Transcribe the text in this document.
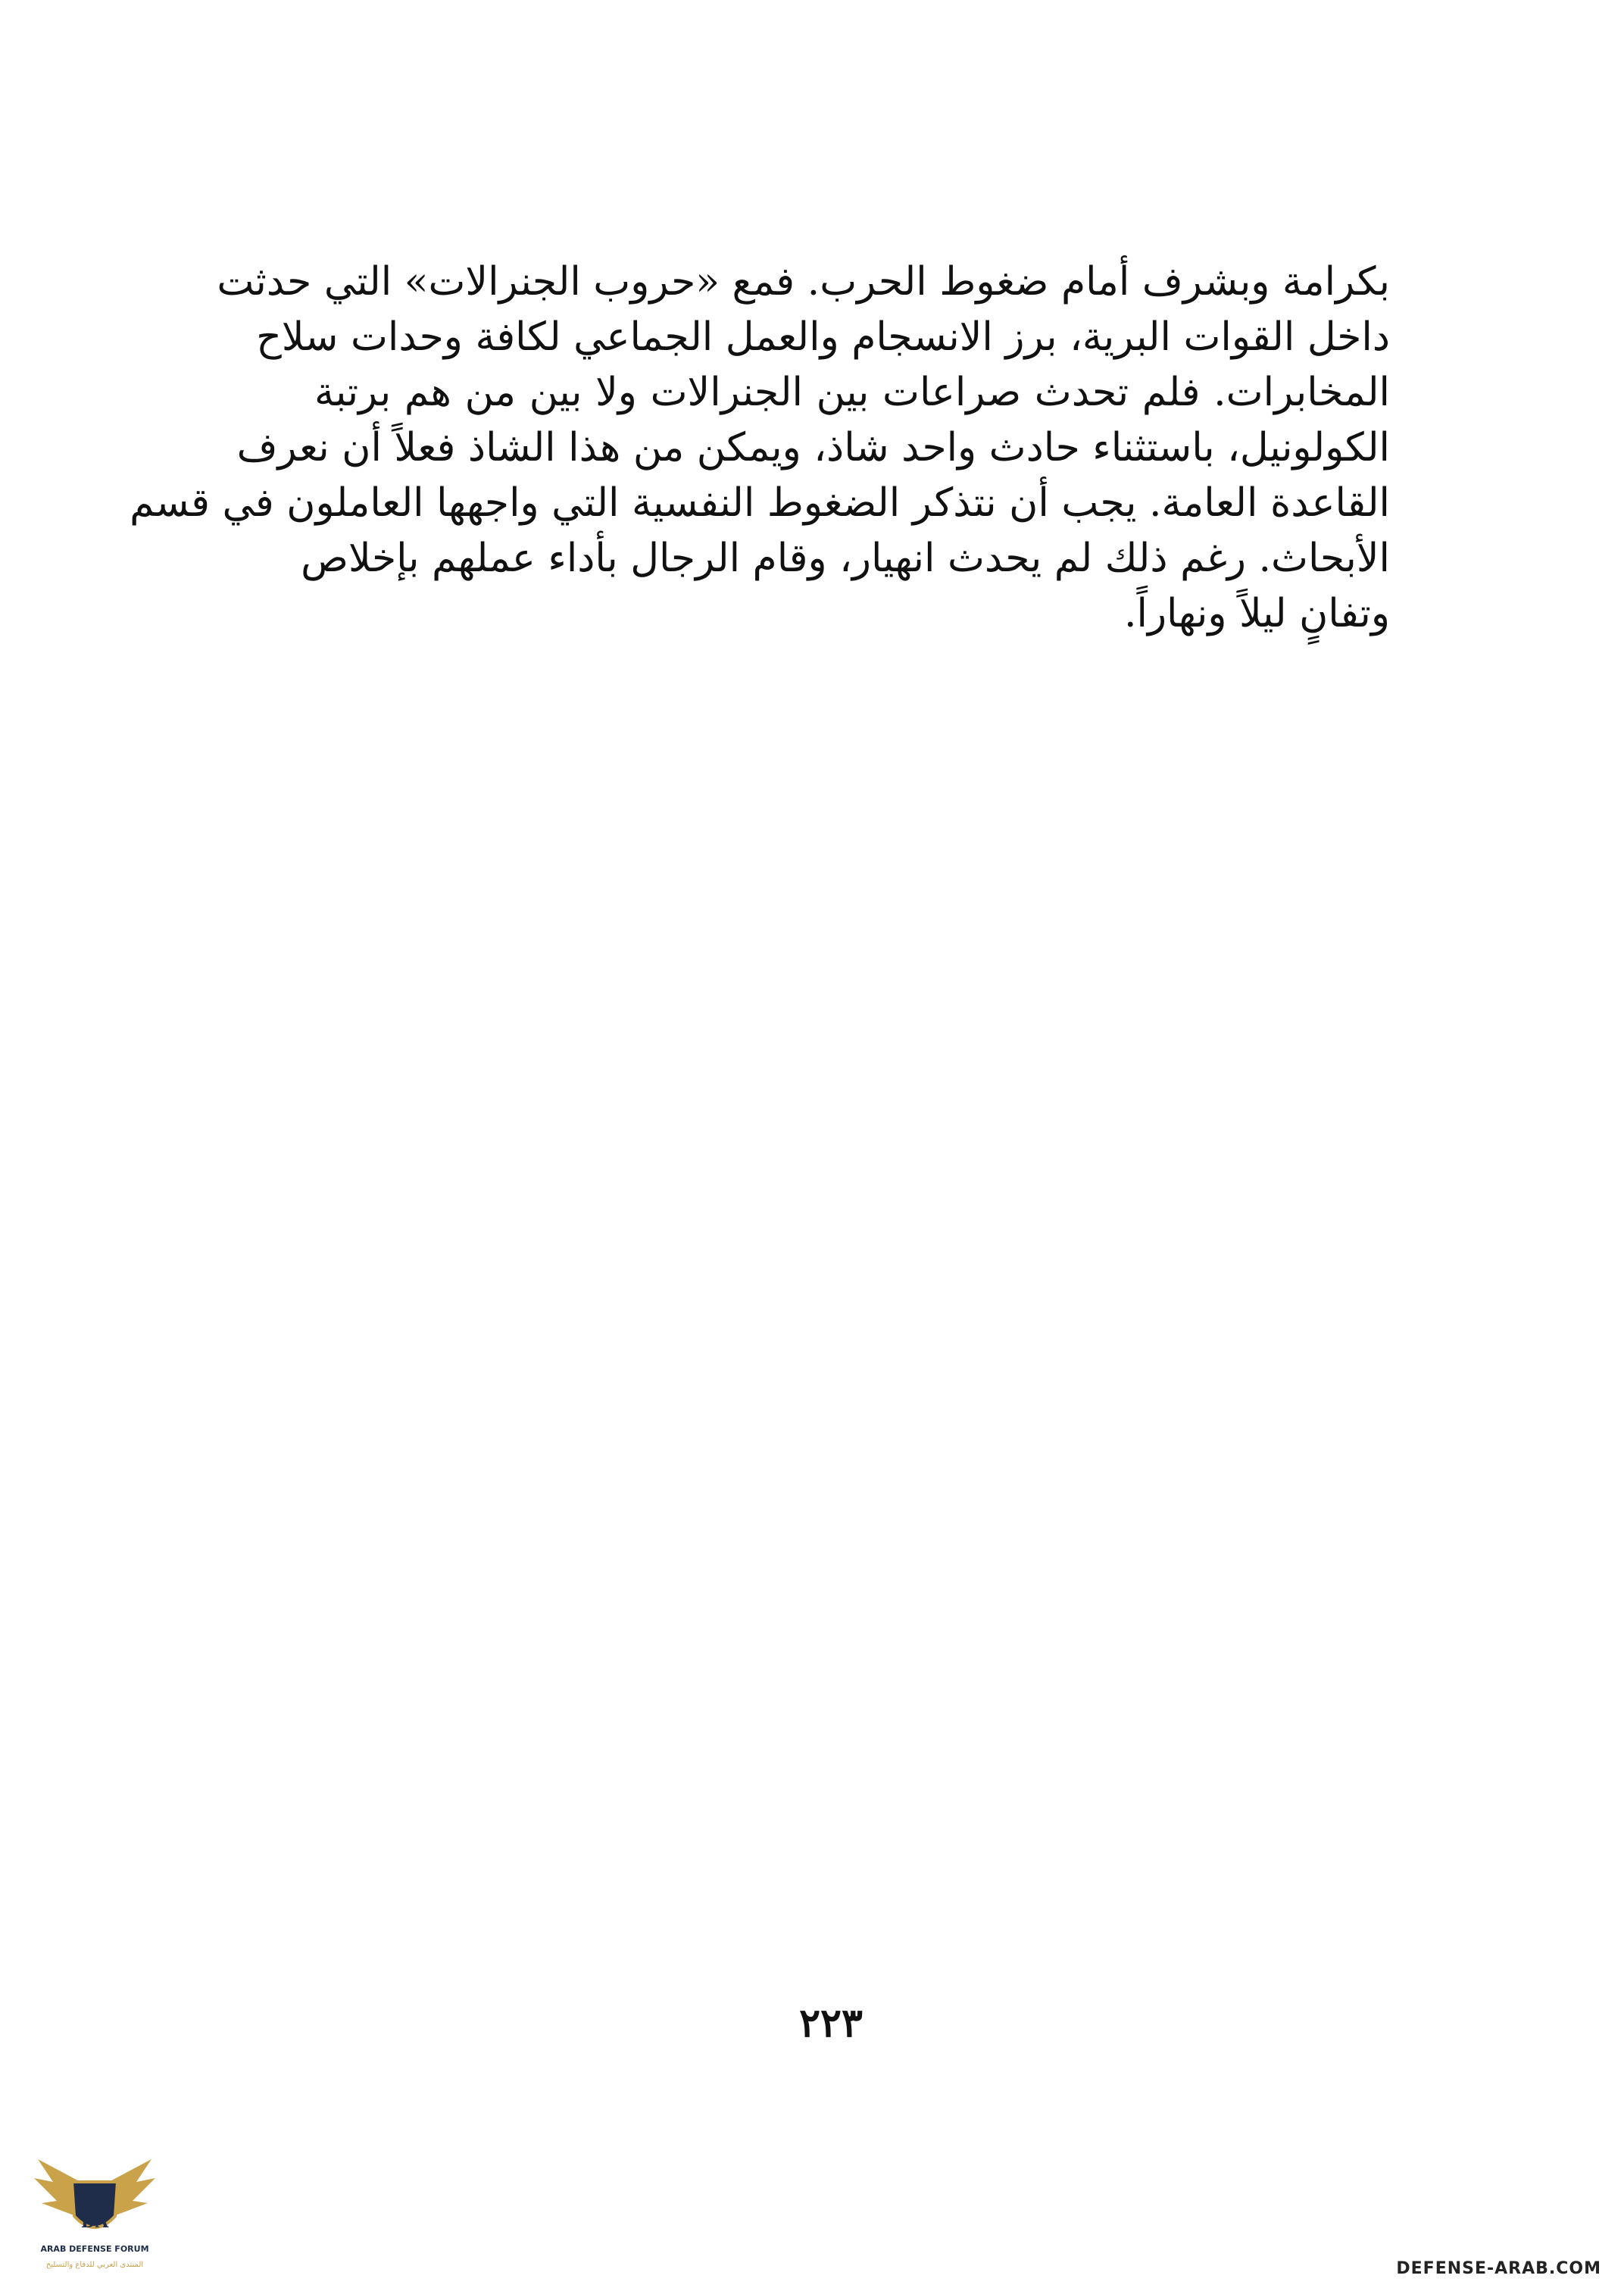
بكرامة وبشرف أمام ضغوط الحرب. فمع «حروب الجنرالات» التي حدثت
داخل القوات البرية، برز الانسجام والعمل الجماعي لكافة وحدات سلاح
المخابرات. فلم تحدث صراعات بين الجنرالات ولا بين من هم برتبة
الكولونيل، باستثناء حادث واحد شاذ، ويمكن من هذا الشاذ فعلاً أن نعرف
القاعدة العامة. يجب أن نتذكر الضغوط النفسية التي واجهها العاملون في قسم
الأبحاث. رغم ذلك لم يحدث انهيار، وقام الرجال بأداء عملهم بإخلاص
وتفانٍ ليلاً ونهاراً.
٢٢٣
DA
ARAB DEFENSE FORUM
المنتدى العربي للدفاع والتسليح	DEFENSE-ARAB.COM
